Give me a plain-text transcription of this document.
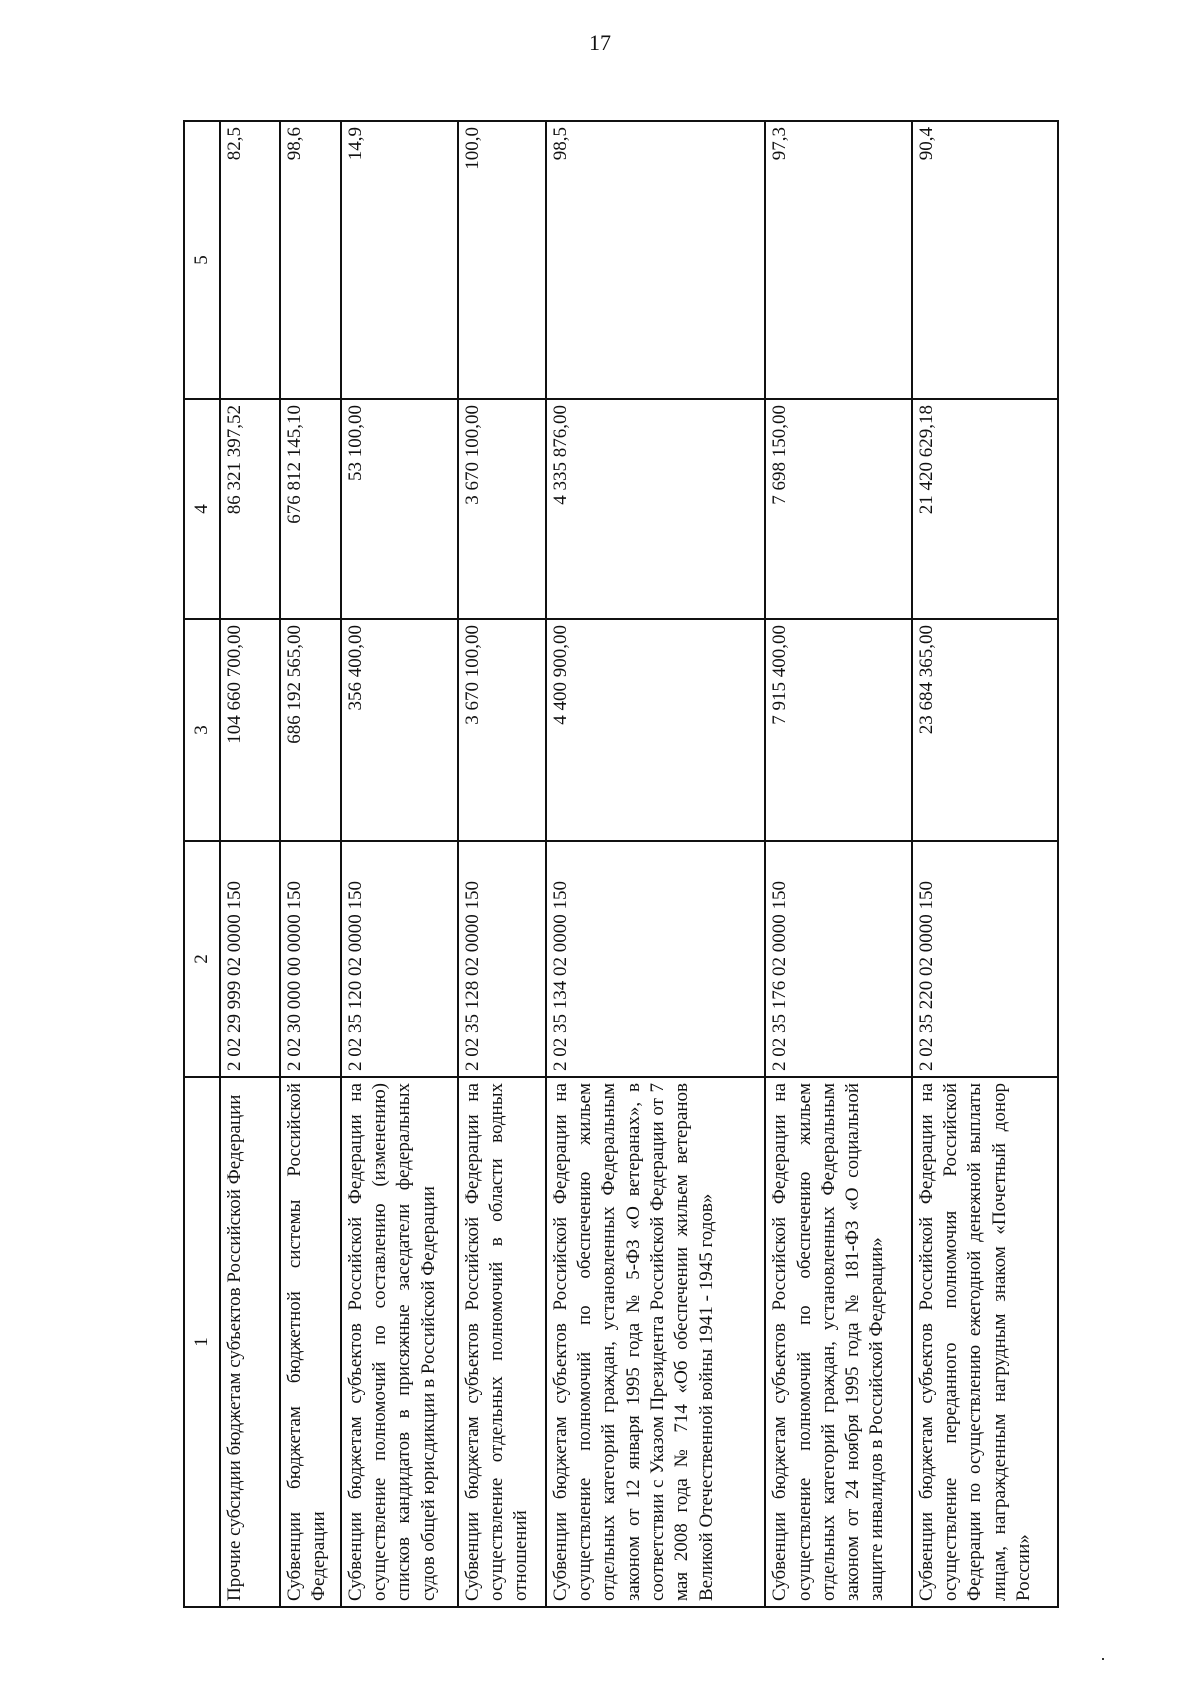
17
1	2	3	4	5
Прочие субсидии бюджетам субъектов Российской Федерации	2 02 29 999 02 0000 150	104 660 700,00	86 321 397,52	82,5
Субвенции бюджетам бюджетной системы Российской Федерации	2 02 30 000 00 0000 150	686 192 565,00	676 812 145,10	98,6
Субвенции бюджетам субъектов Российской Федерации на осуществление полномочий по составлению (изменению) списков кандидатов в присяжные заседатели федеральных судов общей юрисдикции в Российской Федерации	2 02 35 120 02 0000 150	356 400,00	53 100,00	14,9
Субвенции бюджетам субъектов Российской Федерации на осуществление отдельных полномочий в области водных отношений	2 02 35 128 02 0000 150	3 670 100,00	3 670 100,00	100,0
Субвенции бюджетам субъектов Российской Федерации на осуществление полномочий по обеспечению жильем отдельных категорий граждан, установленных Федеральным законом от 12 января 1995 года № 5-ФЗ «О ветеранах», в соответствии с Указом Президента Российской Федерации от 7 мая 2008 года № 714 «Об обеспечении жильем ветеранов Великой Отечественной войны 1941 - 1945 годов»	2 02 35 134 02 0000 150	4 400 900,00	4 335 876,00	98,5
Субвенции бюджетам субъектов Российской Федерации на осуществление полномочий по обеспечению жильем отдельных категорий граждан, установленных Федеральным законом от 24 ноября 1995 года № 181-ФЗ «О социальной защите инвалидов в Российской Федерации»	2 02 35 176 02 0000 150	7 915 400,00	7 698 150,00	97,3
Субвенции бюджетам субъектов Российской Федерации на осуществление переданного полномочия Российской Федерации по осуществлению ежегодной денежной выплаты лицам, награжденным нагрудным знаком «Почетный донор России»	2 02 35 220 02 0000 150	23 684 365,00	21 420 629,18	90,4
